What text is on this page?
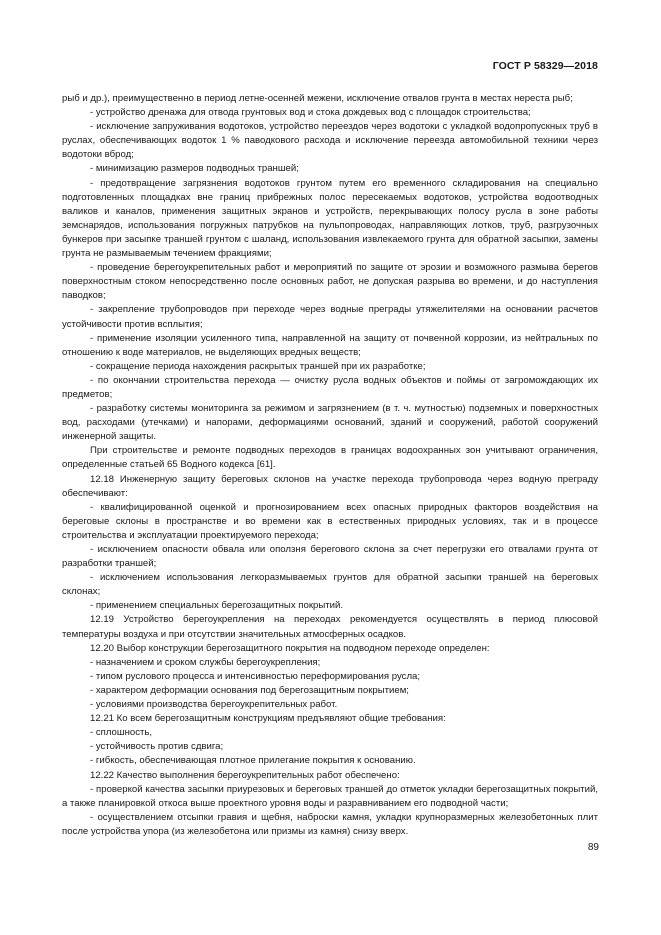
ГОСТ Р 58329—2018

рыб и др.), преимущественно в период летне-осенней межени, исключение отвалов грунта в местах нереста рыб;

- устройство дренажа для отвода грунтовых вод и стока дождевых вод с площадок строительства;

- исключение запруживания водотоков, устройство переездов через водотоки с укладкой водопропускных труб в руслах, обеспечивающих водоток 1 % паводкового расхода и исключение переезда автомобильной техники через водотоки вброд;

- минимизацию размеров подводных траншей;

- предотвращение загрязнения водотоков грунтом путем его временного складирования на специально подготовленных площадках вне границ прибрежных полос пересекаемых водотоков, устройства водоотводных валиков и каналов, применения защитных экранов и устройств, перекрывающих полосу русла в зоне работы земснарядов, использования погружных патрубков на пульпопроводах, направляющих лотков, труб, разгрузочных бункеров при засыпке траншей грунтом с шаланд, использования извлекаемого грунта для обратной засыпки, замены грунта не размываемым течением фракциями;

- проведение берегоукрепительных работ и мероприятий по защите от эрозии и возможного размыва берегов поверхностным стоком непосредственно после основных работ, не допуская разрыва во времени, и до наступления паводков;

- закрепление трубопроводов при переходе через водные преграды утяжелителями на основании расчетов устойчивости против всплытия;

- применение изоляции усиленного типа, направленной на защиту от почвенной коррозии, из нейтральных по отношению к воде материалов, не выделяющих вредных веществ;

- сокращение периода нахождения раскрытых траншей при их разработке;

- по окончании строительства перехода — очистку русла водных объектов и поймы от загромождающих их предметов;

- разработку системы мониторинга за режимом и загрязнением (в т. ч. мутностью) подземных и поверхностных вод, расходами (утечками) и напорами, деформациями оснований, зданий и сооружений, работой сооружений инженерной защиты.

При строительстве и ремонте подводных переходов в границах водоохранных зон учитывают ограничения, определенные статьей 65 Водного кодекса [61].

12.18 Инженерную защиту береговых склонов на участке перехода трубопровода через водную преграду обеспечивают:

- квалифицированной оценкой и прогнозированием всех опасных природных факторов воздействия на береговые склоны в пространстве и во времени как в естественных природных условиях, так и в процессе строительства и эксплуатации проектируемого перехода;

- исключением опасности обвала или оползня берегового склона за счет перегрузки его отвалами грунта от разработки траншей;

- исключением использования легкоразмываемых грунтов для обратной засыпки траншей на береговых склонах;

- применением специальных берегозащитных покрытий.

12.19 Устройство берегоукрепления на переходах рекомендуется осуществлять в период плюсовой температуры воздуха и при отсутствии значительных атмосферных осадков.

12.20 Выбор конструкции берегозащитного покрытия на подводном переходе определен:

- назначением и сроком службы берегоукрепления;

- типом руслового процесса и интенсивностью переформирования русла;

- характером деформации основания под берегозащитным покрытием;

- условиями производства берегоукрепительных работ.

12.21 Ко всем берегозащитным конструкциям предъявляют общие требования:

- сплошность,

- устойчивость против сдвига;

- гибкость, обеспечивающая плотное прилегание покрытия к основанию.

12.22 Качество выполнения берегоукрепительных работ обеспечено:

- проверкой качества засыпки приурезовых и береговых траншей до отметок укладки берегозащитных покрытий, а также планировкой откоса выше проектного уровня воды и разравниванием его подводной части;

- осуществлением отсыпки гравия и щебня, наброски камня, укладки крупноразмерных железобетонных плит после устройства упора (из железобетона или призмы из камня) снизу вверх.

89
